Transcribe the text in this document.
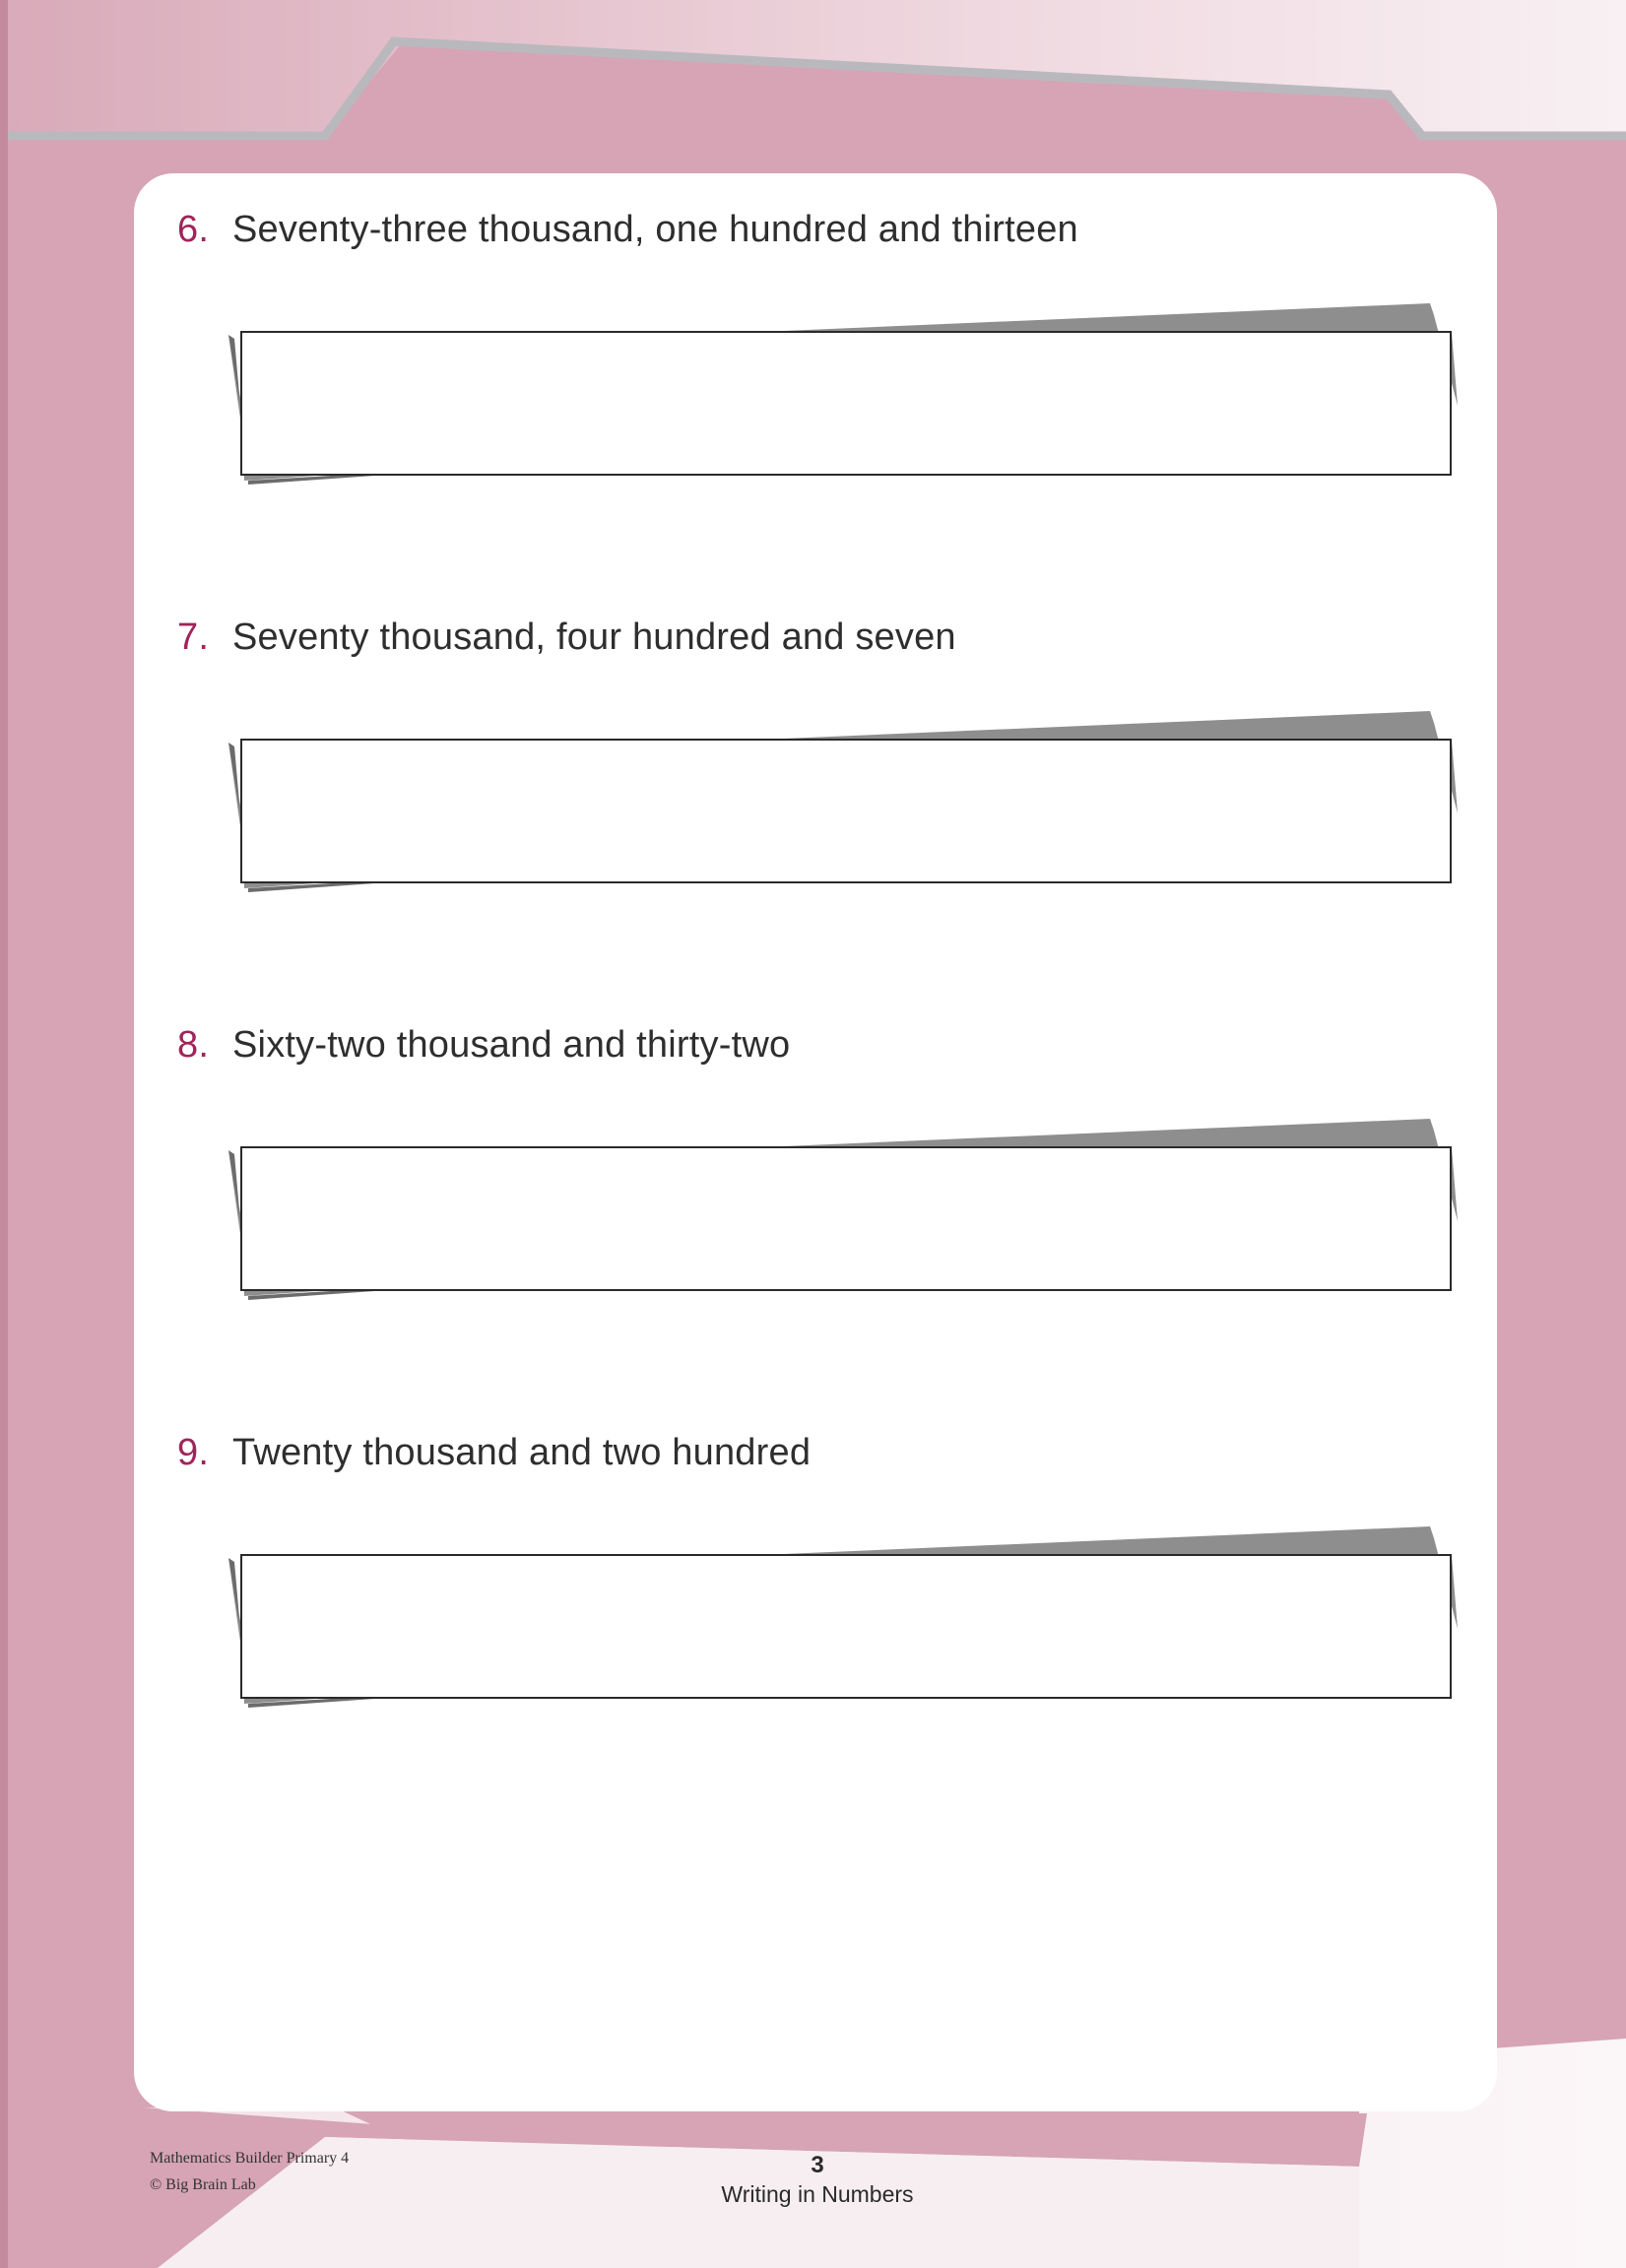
6. Seventy-three thousand, one hundred and thirteen
7. Seventy thousand, four hundred and seven
8. Sixty-two thousand and thirty-two
9. Twenty thousand and two hundred
Mathematics Builder Primary 4
© Big Brain Lab
3
Writing in Numbers
